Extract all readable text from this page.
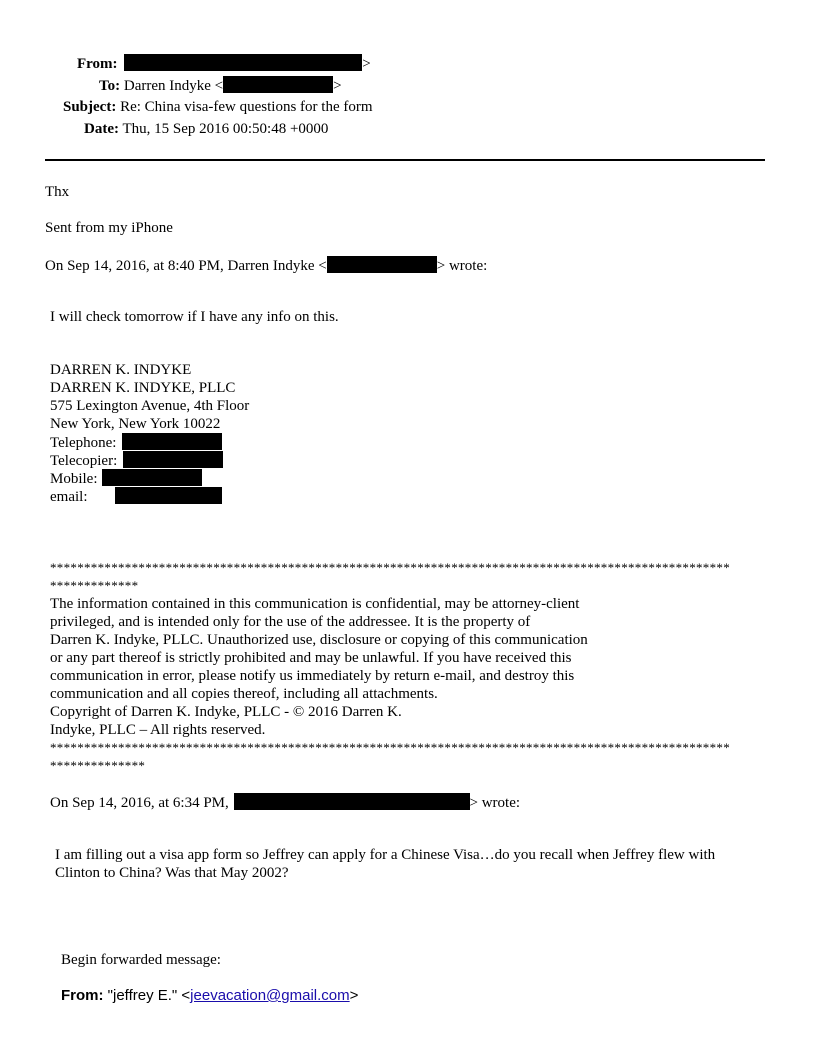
From:	>
To: Darren Indyke <	>
Subject: Re: China visa-few questions for the form
Date: Thu, 15 Sep 2016 00:50:48 +0000
Thx
Sent from my iPhone
On Sep 14, 2016, at 8:40 PM, Darren Indyke <	> wrote:
I will check tomorrow if I have any info on this.
DARREN K. INDYKE
DARREN K. INDYKE, PLLC
575 Lexington Avenue, 4th Floor
New York, New York 10022
Telephone:
Telecopier:
Mobile:
email:
****************************************************************************************************
*************
The information contained in this communication is confidential, may be attorney-client
privileged, and is intended only for the use of the addressee. It is the property of
Darren K. Indyke, PLLC. Unauthorized use, disclosure or copying of this communication
or any part thereof is strictly prohibited and may be unlawful. If you have received this
communication in error, please notify us immediately by return e-mail, and destroy this
communication and all copies thereof, including all attachments.
Copyright of Darren K. Indyke, PLLC - © 2016 Darren K.
Indyke, PLLC – All rights reserved.
****************************************************************************************************
**************
On Sep 14, 2016, at 6:34 PM,	> wrote:
I am filling out a visa app form so Jeffrey can apply for a Chinese Visa…do you recall when Jeffrey flew with
Clinton to China? Was that May 2002?
Begin forwarded message:
From: "jeffrey E." <jeevacation@gmail.com>
